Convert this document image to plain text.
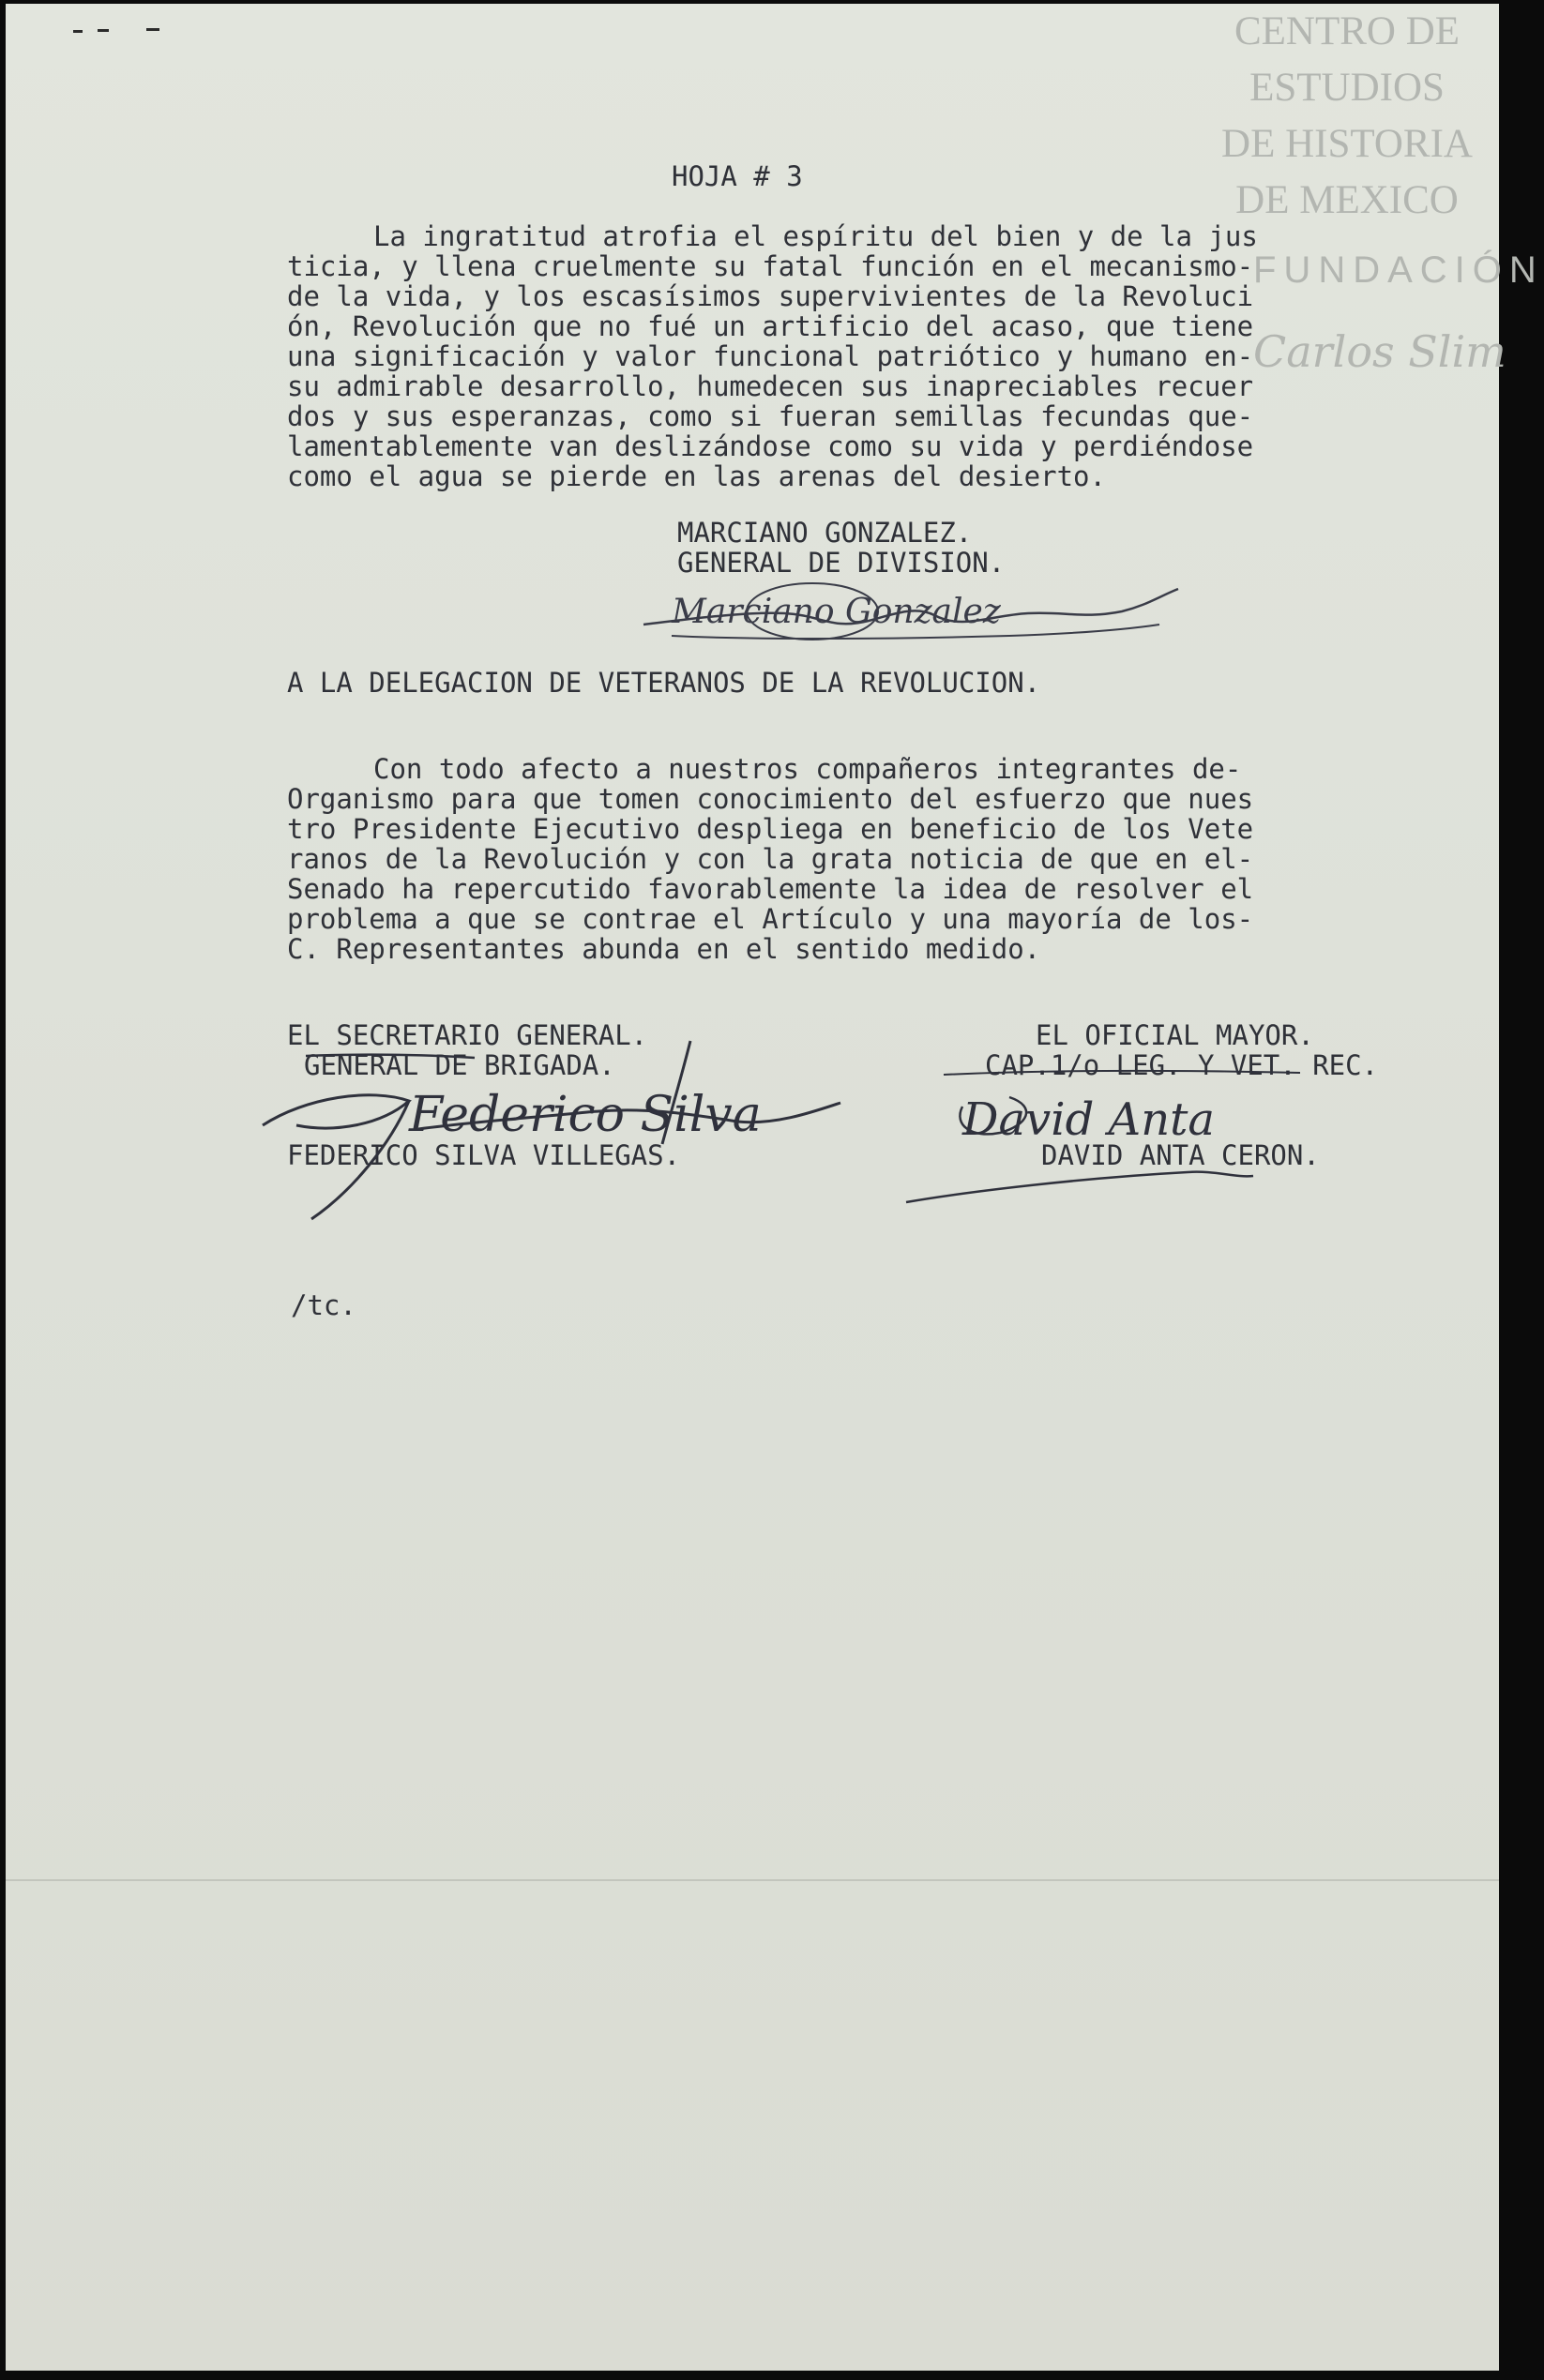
CENTRO DE
ESTUDIOS
DE HISTORIA
DE MEXICO
FUNDACIÓN
Carlos Slim
HOJA # 3
La ingratitud atrofia el espíritu del bien y de la jus
ticia, y llena cruelmente su fatal función en el mecanismo-
de la vida, y los escasísimos supervivientes de la Revoluci
ón, Revolución que no fué un artificio del acaso, que tiene
una significación y valor funcional patriótico y humano en-
su admirable desarrollo, humedecen sus inapreciables recuer
dos y sus esperanzas, como si fueran semillas fecundas que-
lamentablemente van deslizándose como su vida y perdiéndose
como el agua se pierde en las arenas del desierto.
MARCIANO GONZALEZ.
GENERAL DE DIVISION.
Marciano Gonzalez
A LA DELEGACION DE VETERANOS DE LA REVOLUCION.
Con todo afecto a nuestros compañeros integrantes de-
Organismo para que tomen conocimiento del esfuerzo que nues
tro Presidente Ejecutivo despliega en beneficio de los Vete
ranos de la Revolución y con la grata noticia de que en el-
Senado ha repercutido favorablemente la idea de resolver el
problema a que se contrae el Artículo y una mayoría de los-
C. Representantes abunda en el sentido medido.
EL SECRETARIO GENERAL.
GENERAL DE BRIGADA.
FEDERICO SILVA VILLEGAS.
Federico Silva
EL OFICIAL MAYOR.
CAP.1/o LEG. Y VET. REC.
DAVID ANTA CERON.
David Anta
/tc.
